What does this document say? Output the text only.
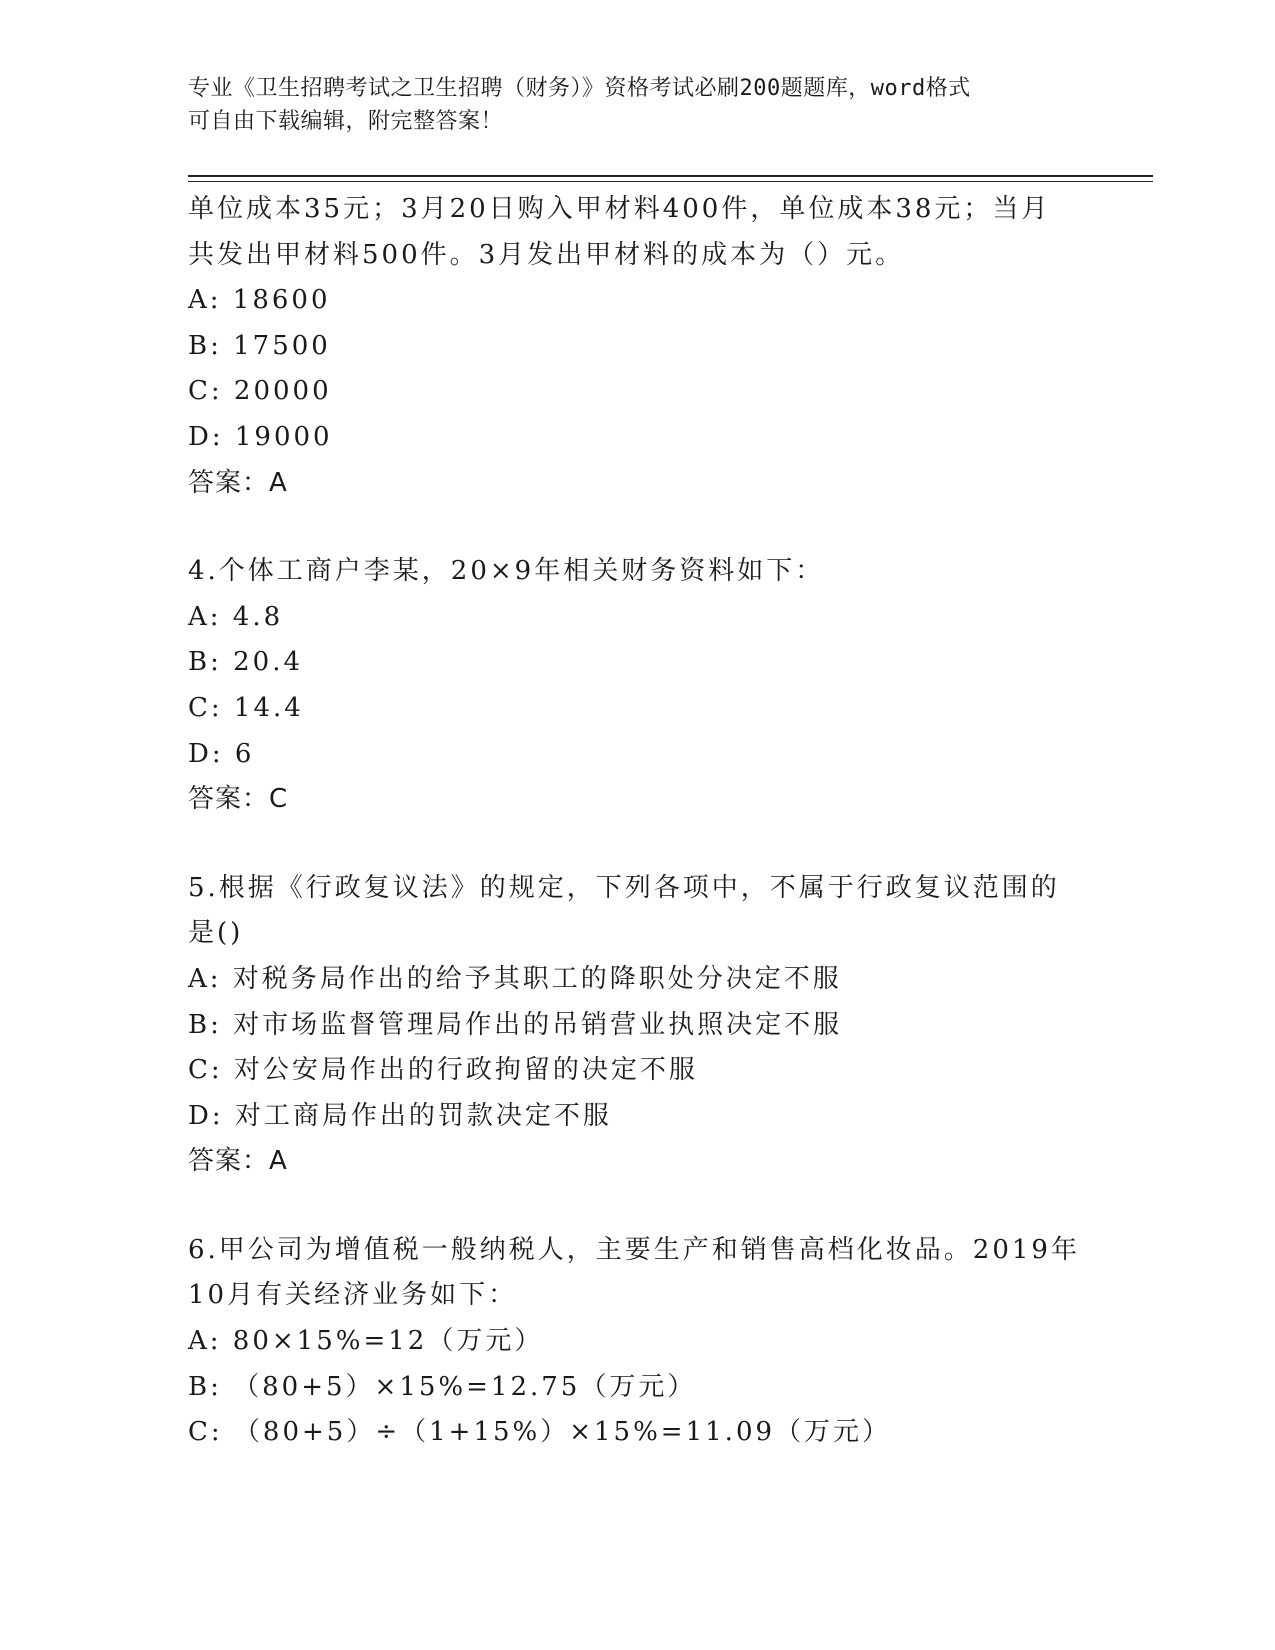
专业《卫生招聘考试之卫生招聘（财务）》资格考试必刷200题题库，word格式
可自由下载编辑，附完整答案！
单位成本35元；3月20日购入甲材料400件，单位成本38元；当月
共发出甲材料500件。3月发出甲材料的成本为（）元。
A: 18600
B: 17500
C: 20000
D: 19000
答案：A
4.个体工商户李某，20×9年相关财务资料如下：
A: 4.8
B: 20.4
C: 14.4
D: 6
答案：C
5.根据《行政复议法》的规定，下列各项中，不属于行政复议范围的
是()
A: 对税务局作出的给予其职工的降职处分决定不服
B: 对市场监督管理局作出的吊销营业执照决定不服
C: 对公安局作出的行政拘留的决定不服
D: 对工商局作出的罚款决定不服
答案：A
6.甲公司为增值税一般纳税人，主要生产和销售高档化妆品。2019年
10月有关经济业务如下：
A: 80×15%=12（万元）
B: （80+5）×15%=12.75（万元）
C: （80+5）÷（1+15%）×15%=11.09（万元）
